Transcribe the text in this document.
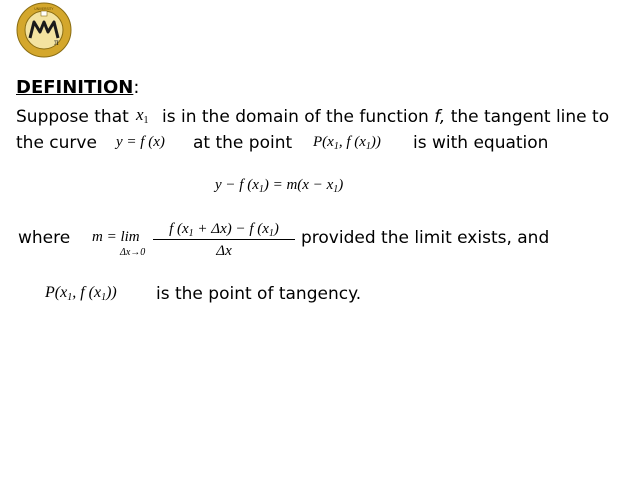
π
UNIVERSITY
DEFINITION:
Suppose that $x_1$ is in the domain of the function f, the tangent line to
the curve y = f (x) at the point $P(x_1$, f $(x_1)$) is with equation
y − f $(x_1) = m(x - x_1)$
where m = lim
Δx→0
f $(x_1 + \Delta x) - f$ $(x_1)$
Δx
provided the limit exists, and
$P(x_1$, f $(x_1)$) is the point of tangency.
